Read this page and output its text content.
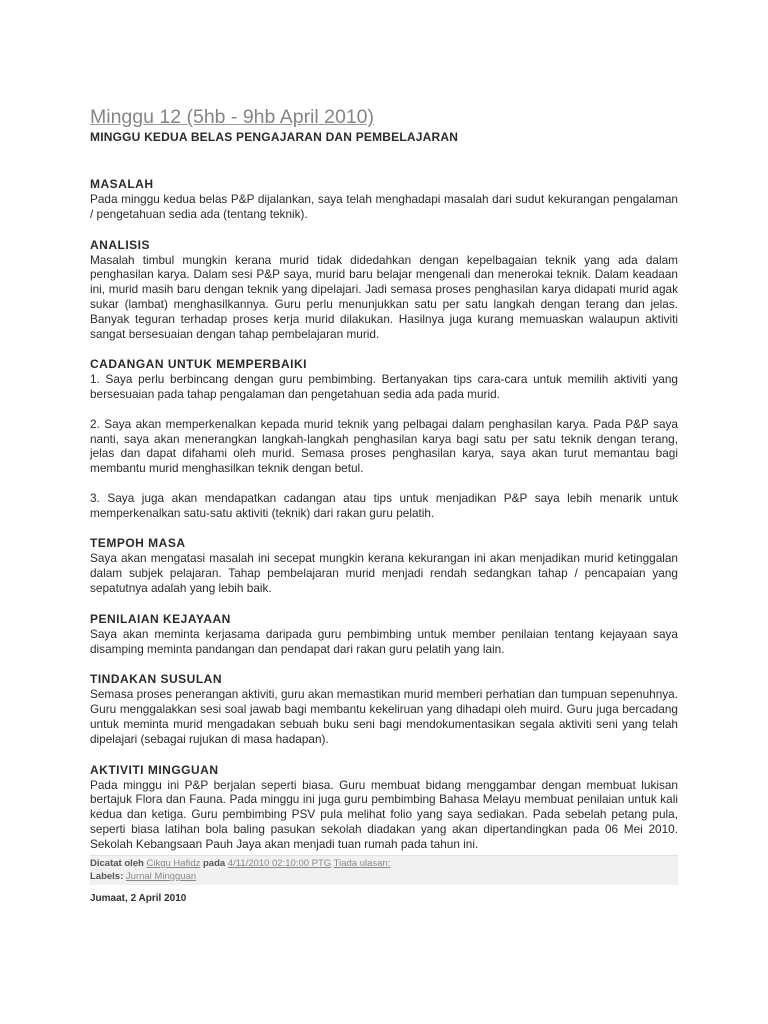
Minggu 12 (5hb - 9hb April 2010)
MINGGU KEDUA BELAS PENGAJARAN DAN PEMBELAJARAN
MASALAH

Pada minggu kedua belas P&P dijalankan, saya telah menghadapi masalah dari sudut kekurangan pengalaman / pengetahuan sedia ada (tentang teknik).

ANALISIS

Masalah timbul mungkin kerana murid tidak didedahkan dengan kepelbagaian teknik yang ada dalam penghasilan karya. Dalam sesi P&P saya, murid baru belajar mengenali dan menerokai teknik. Dalam keadaan ini, murid masih baru dengan teknik yang dipelajari. Jadi semasa proses penghasilan karya didapati murid agak sukar (lambat) menghasilkannya. Guru perlu menunjukkan satu per satu langkah dengan terang dan jelas. Banyak teguran terhadap proses kerja murid dilakukan. Hasilnya juga kurang memuaskan walaupun aktiviti sangat bersesuaian dengan tahap pembelajaran murid.

CADANGAN UNTUK MEMPERBAIKI

1. Saya perlu berbincang dengan guru pembimbing. Bertanyakan tips cara-cara untuk memilih aktiviti yang bersesuaian pada tahap pengalaman dan pengetahuan sedia ada pada murid.

2. Saya akan memperkenalkan kepada murid teknik yang pelbagai dalam penghasilan karya. Pada P&P saya nanti, saya akan menerangkan langkah-langkah penghasilan karya bagi satu per satu teknik dengan terang, jelas dan dapat difahami oleh murid. Semasa proses penghasilan karya, saya akan turut memantau bagi membantu murid menghasilkan teknik dengan betul.

3. Saya juga akan mendapatkan cadangan atau tips untuk menjadikan P&P saya lebih menarik untuk memperkenalkan satu-satu aktiviti (teknik) dari rakan guru pelatih.

TEMPOH MASA

Saya akan mengatasi masalah ini secepat mungkin kerana kekurangan ini akan menjadikan murid ketinggalan dalam subjek pelajaran. Tahap pembelajaran murid menjadi rendah sedangkan tahap / pencapaian yang sepatutnya adalah yang lebih baik.

PENILAIAN KEJAYAAN

Saya akan meminta kerjasama daripada guru pembimbing untuk member penilaian tentang kejayaan saya disamping meminta pandangan dan pendapat dari rakan guru pelatih yang lain.

TINDAKAN SUSULAN

Semasa proses penerangan aktiviti, guru akan memastikan murid memberi perhatian dan tumpuan sepenuhnya. Guru menggalakkan sesi soal jawab bagi membantu kekeliruan yang dihadapi oleh muird. Guru juga bercadang untuk meminta murid mengadakan sebuah buku seni bagi mendokumentasikan segala aktiviti seni yang telah dipelajari (sebagai rujukan di masa hadapan).

AKTIVITI MINGGUAN

Pada minggu ini P&P berjalan seperti biasa. Guru membuat bidang menggambar dengan membuat lukisan bertajuk Flora dan Fauna. Pada minggu ini juga guru pembimbing Bahasa Melayu membuat penilaian untuk kali kedua dan ketiga. Guru pembimbing PSV pula melihat folio yang saya sediakan. Pada sebelah petang pula, seperti biasa latihan bola baling pasukan sekolah diadakan yang akan dipertandingkan pada 06 Mei 2010. Sekolah Kebangsaan Pauh Jaya akan menjadi tuan rumah pada tahun ini.

Dicatat oleh Cikgu Hafidz pada 4/11/2010 02:10:00 PTG Tiada ulasan:
Labels: Jurnal Mingguan
Jumaat, 2 April 2010
